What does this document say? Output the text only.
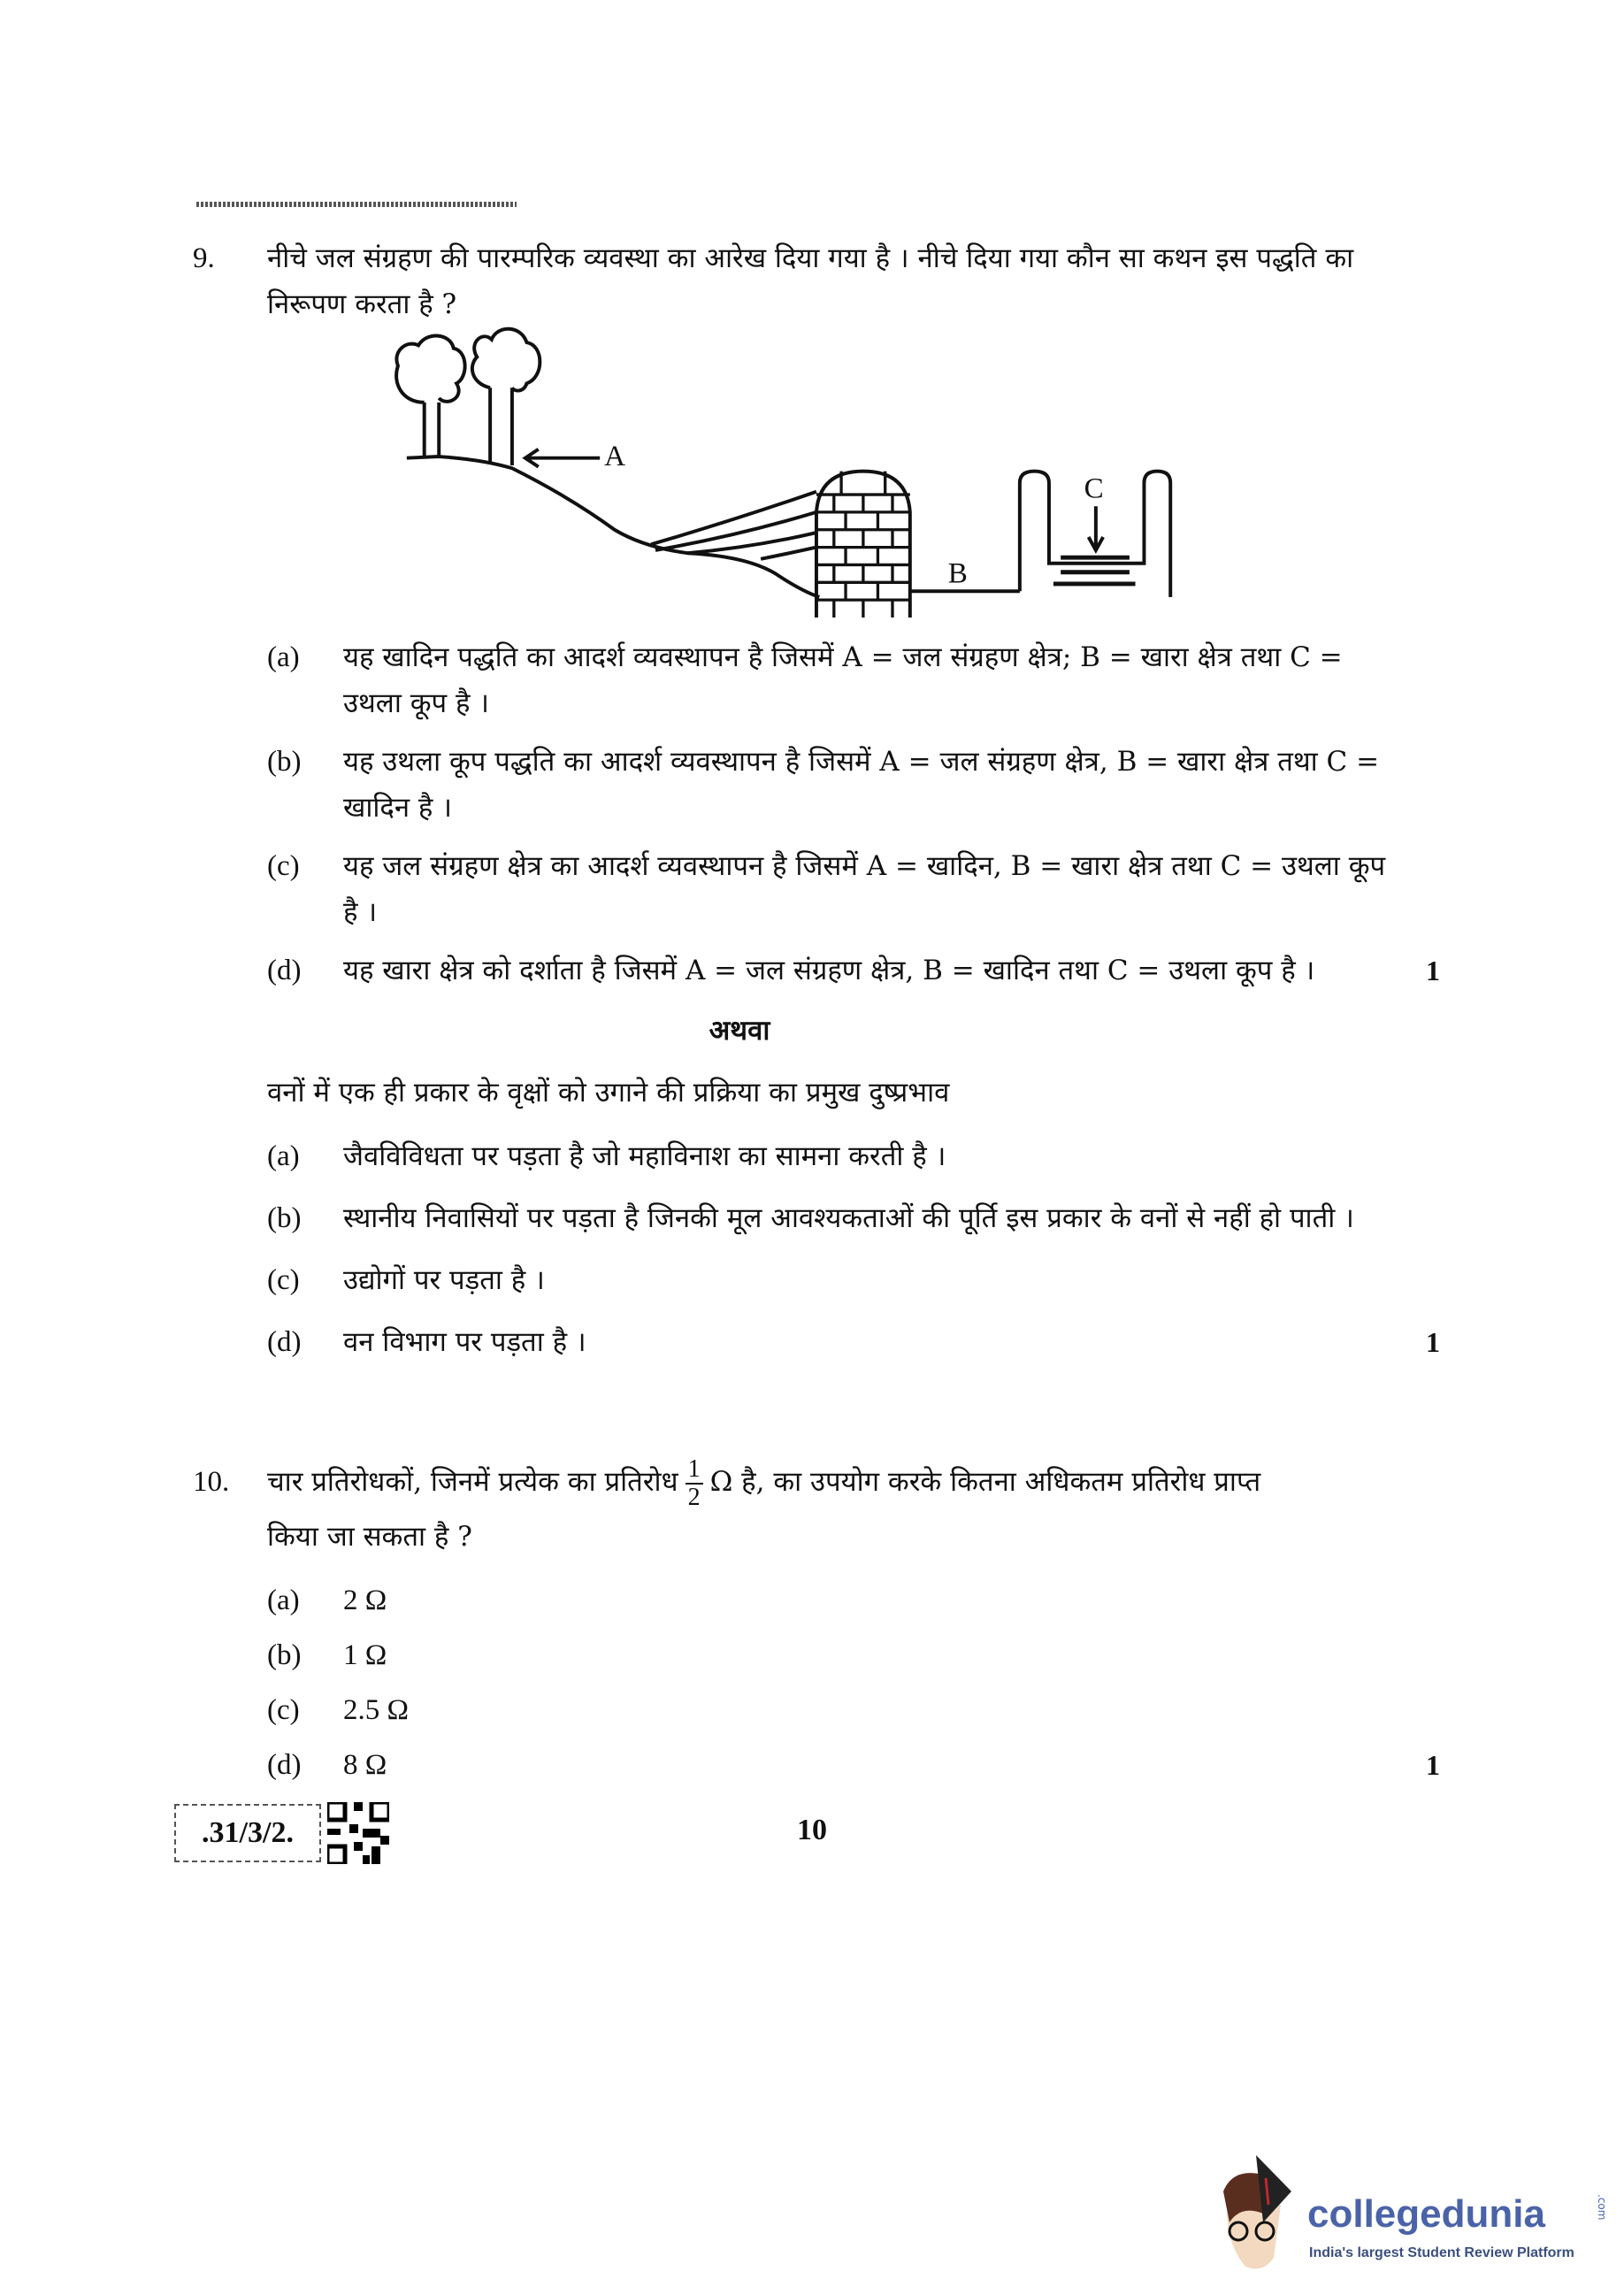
A
B
C
9.	नीचे जल संग्रहण की पारम्परिक व्यवस्था का आरेख दिया गया है । नीचे दिया गया कौन सा कथन इस पद्धति का निरूपण करता है ?
(a)	यह खादिन पद्धति का आदर्श व्यवस्थापन है जिसमें A = जल संग्रहण क्षेत्र; B = खारा क्षेत्र तथा C = उथला कूप है ।
(b)	यह उथला कूप पद्धति का आदर्श व्यवस्थापन है जिसमें A = जल संग्रहण क्षेत्र, B = खारा क्षेत्र तथा C = खादिन है ।
(c)	यह जल संग्रहण क्षेत्र का आदर्श व्यवस्थापन है जिसमें A = खादिन, B = खारा क्षेत्र तथा C = उथला कूप है ।
(d)	यह खारा क्षेत्र को दर्शाता है जिसमें A = जल संग्रहण क्षेत्र, B = खादिन तथा C = उथला कूप है ।	1
अथवा
वनों में एक ही प्रकार के वृक्षों को उगाने की प्रक्रिया का प्रमुख दुष्प्रभाव
(a)	जैवविविधता पर पड़ता है जो महाविनाश का सामना करती है ।
(b)	स्थानीय निवासियों पर पड़ता है जिनकी मूल आवश्यकताओं की पूर्ति इस प्रकार के वनों से नहीं हो पाती ।
(c)	उद्योगों पर पड़ता है ।
(d)	वन विभाग पर पड़ता है ।	1
10.	चार प्रतिरोधकों, जिनमें प्रत्येक का प्रतिरोध $\frac{1}{2}$ Ω है, का उपयोग करके कितना अधिकतम प्रतिरोध प्राप्त
किया जा सकता है ?
(a)	2 Ω
(b)	1 Ω
(c)	2.5 Ω
(d)	8 Ω	1
.31/3/2.	10
collegedunia	.com
India's largest Student Review Platform
